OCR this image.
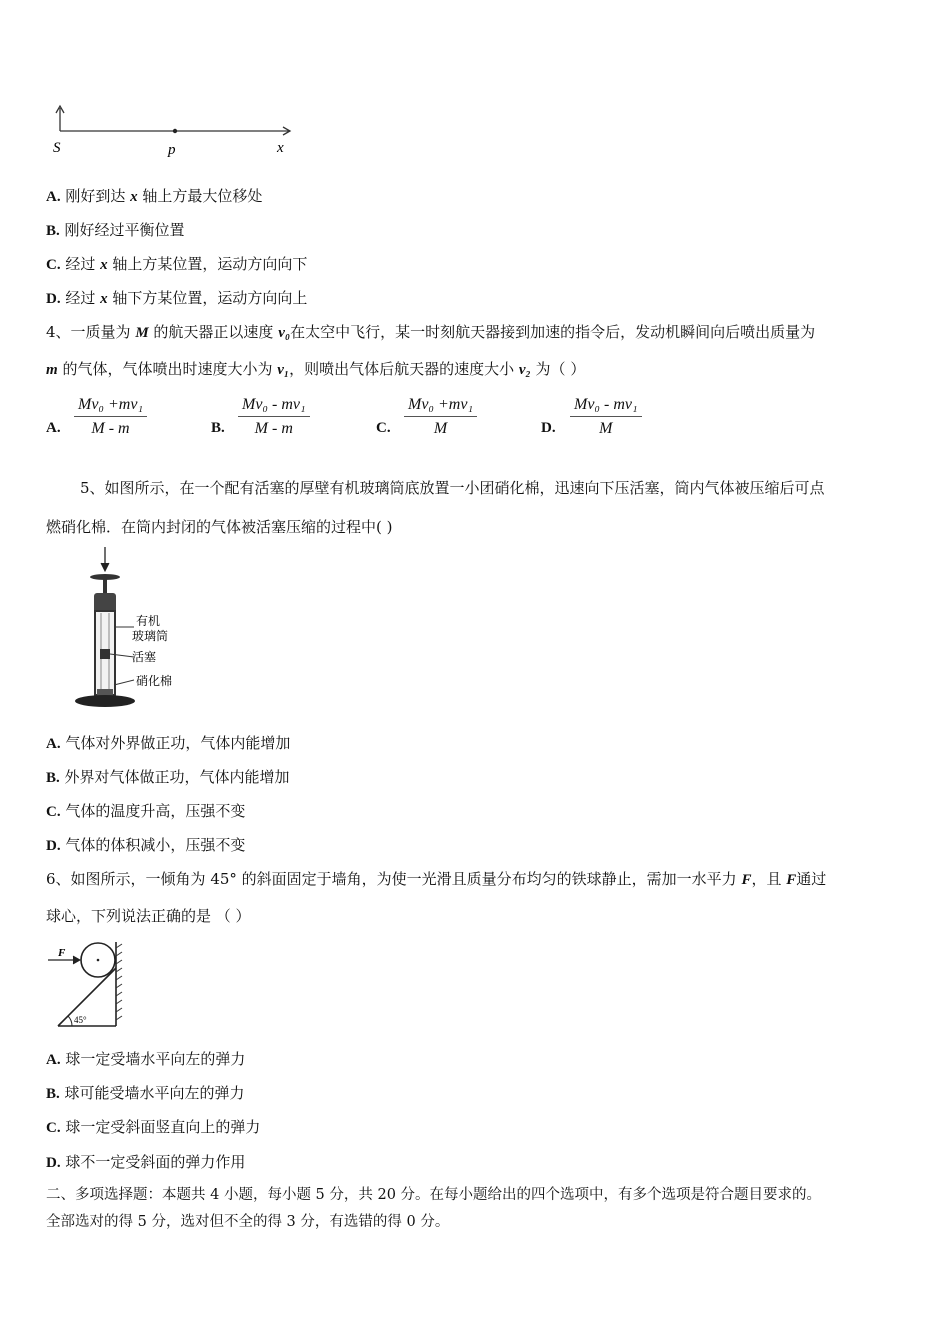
S	p	x
A. 刚好到达 x 轴上方最大位移处
B. 刚好经过平衡位置
C. 经过 x 轴上方某位置，运动方向向下
D. 经过 x 轴下方某位置，运动方向向上
4、一质量为 M 的航天器正以速度 v₀在太空中飞行，某一时刻航天器接到加速的指令后，发动机瞬间向后喷出质量为
m 的气体，气体喷出时速度大小为 v₁，则喷出气体后航天器的速度大小 v₂ 为（ ）
A. $\frac{\text{Mv₀ +mv₁}}{M - m}$	B. $\frac{\text{Mv₀ - mv₁}}{M - m}$	C. $\frac{\text{Mv₀ +mv₁}}{M}$	D. $\frac{\text{Mv₀ - mv₁}}{M}$
5、如图所示，在一个配有活塞的厚壁有机玻璃筒底放置一小团硝化棉，迅速向下压活塞，筒内气体被压缩后可点
燃硝化棉．在筒内封闭的气体被活塞压缩的过程中( )
有机
玻璃筒
活塞
硝化棉
A. 气体对外界做正功，气体内能增加
B. 外界对气体做正功，气体内能增加
C. 气体的温度升高，压强不变
D. 气体的体积减小，压强不变
6、如图所示，一倾角为 45° 的斜面固定于墙角，为使一光滑且质量分布均匀的铁球静止，需加一水平力 F，且 F通过
球心，下列说法正确的是 （ ）
F
45°
A. 球一定受墙水平向左的弹力
B. 球可能受墙水平向左的弹力
C. 球一定受斜面竖直向上的弹力
D. 球不一定受斜面的弹力作用
二、多项选择题：本题共 4 小题，每小题 5 分，共 20 分。在每小题给出的四个选项中，有多个选项是符合题目要求的。
全部选对的得 5 分，选对但不全的得 3 分，有选错的得 0 分。
